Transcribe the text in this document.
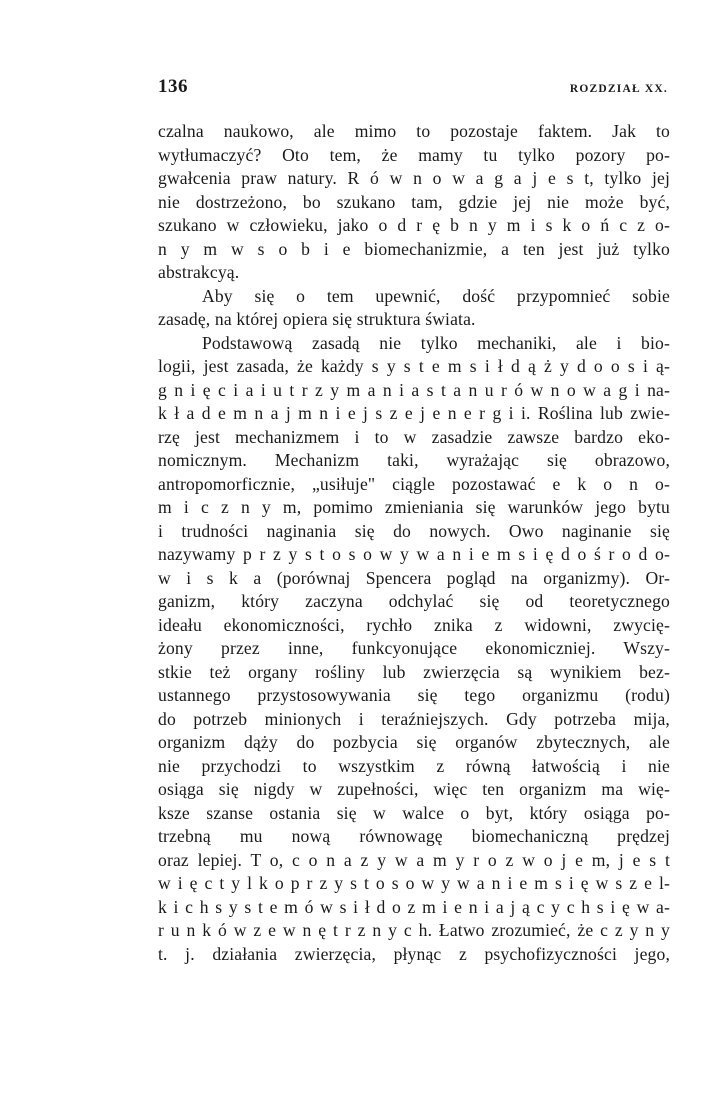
136	ROZDZIAŁ XX.
czalna naukowo, ale mimo to pozostaje faktem. Jak to
wytłumaczyć? Oto tem, że mamy tu tylko pozory po-
gwałcenia praw natury. R ó w n o w a g a j e s t, tylko jej
nie dostrzeżono, bo szukano tam, gdzie jej nie może być,
szukano w człowieku, jako o d r ę b n y m i s k o ń c z o-
n y m w s o b i e biomechanizmie, a ten jest już tylko
abstrakcyą.
Aby się o tem upewnić, dość przypomnieć sobie
zasadę, na której opiera się struktura świata.
Podstawową zasadą nie tylko mechaniki, ale i bio-
logii, jest zasada, że każdy s y s t e m s i ł d ą ż y d o o s i ą-
g n i ę c i a i u t r z y m a n i a s t a n u r ó w n o w a g i na-
k ł a d e m n a j m n i e j s z e j e n e r g i i. Roślina lub zwie-
rzę jest mechanizmem i to w zasadzie zawsze bardzo eko-
nomicznym. Mechanizm taki, wyrażając się obrazowo,
antropomorficznie, „usiłuje" ciągle pozostawać e k o n o-
m i c z n y m, pomimo zmieniania się warunków jego bytu
i trudności naginania się do nowych. Owo naginanie się
nazywamy p r z y s t o s o w y w a n i e m s i ę d o ś r o d o-
w i s k a (porównaj Spencera pogląd na organizmy). Or-
ganizm, który zaczyna odchylać się od teoretycznego
ideału ekonomiczności, rychło znika z widowni, zwycię-
żony przez inne, funkcyonujące ekonomiczniej. Wszy-
stkie też organy rośliny lub zwierzęcia są wynikiem bez-
ustannego przystosowywania się tego organizmu (rodu)
do potrzeb minionych i teraźniejszych. Gdy potrzeba mija,
organizm dąży do pozbycia się organów zbytecznych, ale
nie przychodzi to wszystkim z równą łatwością i nie
osiąga się nigdy w zupełności, więc ten organizm ma wię-
ksze szanse ostania się w walce o byt, który osiąga po-
trzebną mu nową równowagę biomechaniczną prędzej
oraz lepiej. T o, c o n a z y w a m y r o z w o j e m, j e s t
w i ę c t y l k o p r z y s t o s o w y w a n i e m s i ę w s z e l-
k i c h s y s t e m ó w s i ł d o z m i e n i a j ą c y c h s i ę w a-
r u n k ó w z e w n ę t r z n y c h. Łatwo zrozumieć, że c z y n y
t. j. działania zwierzęcia, płynąc z psychofizyczności jego,
